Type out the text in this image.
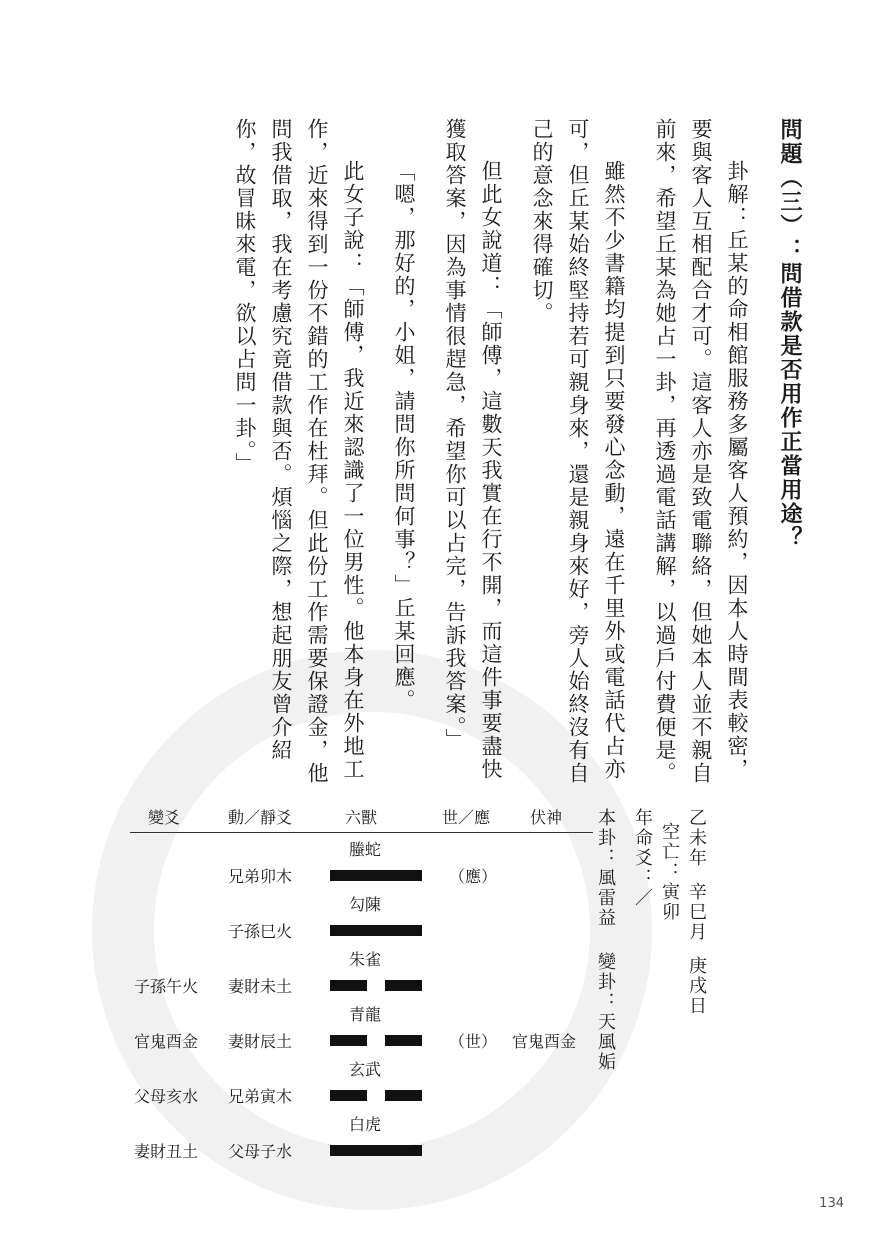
問題（三）：問借款是否用作正當用途？

卦解：丘某的命相館服務多屬客人預約，因本人時間表較密，要與客人互相配合才可。這客人亦是致電聯絡，但她本人並不親自前來，希望丘某為她占一卦，再透過電話講解，以過戶付費便是。

雖然不少書籍均提到只要發心念動，遠在千里外或電話代占亦可，但丘某始終堅持若可親身來，還是親身來好，旁人始終沒有自己的意念來得確切。

但此女說道：「師傅，這數天我實在行不開，而這件事要盡快獲取答案，因為事情很趕急，希望你可以占完，告訴我答案。」

「嗯，那好的，小姐，請問你所問何事？」丘某回應。

此女子說：「師傅，我近來認識了一位男性。他本身在外地工作，近來得到一份不錯的工作在杜拜。但此份工作需要保證金，他問我借取，我在考慮究竟借款與否。煩惱之際，想起朋友曾介紹你，故冒昧來電，欲以占問一卦。」

乙未年辛巳月庚戌日空亡：寅卯

年命爻：／

本卦：風雷益變卦：天風姤

變爻	動／靜爻	六獸	世／應 伏神
螣蛇
兄弟卯木	（應）
勾陳
子孫巳火
朱雀
子孫午火 妻財未土
青龍
官鬼酉金 妻財辰土	（世） 官鬼酉金
玄武
父母亥水 兄弟寅木
白虎
妻財丑土 父母子水
134
